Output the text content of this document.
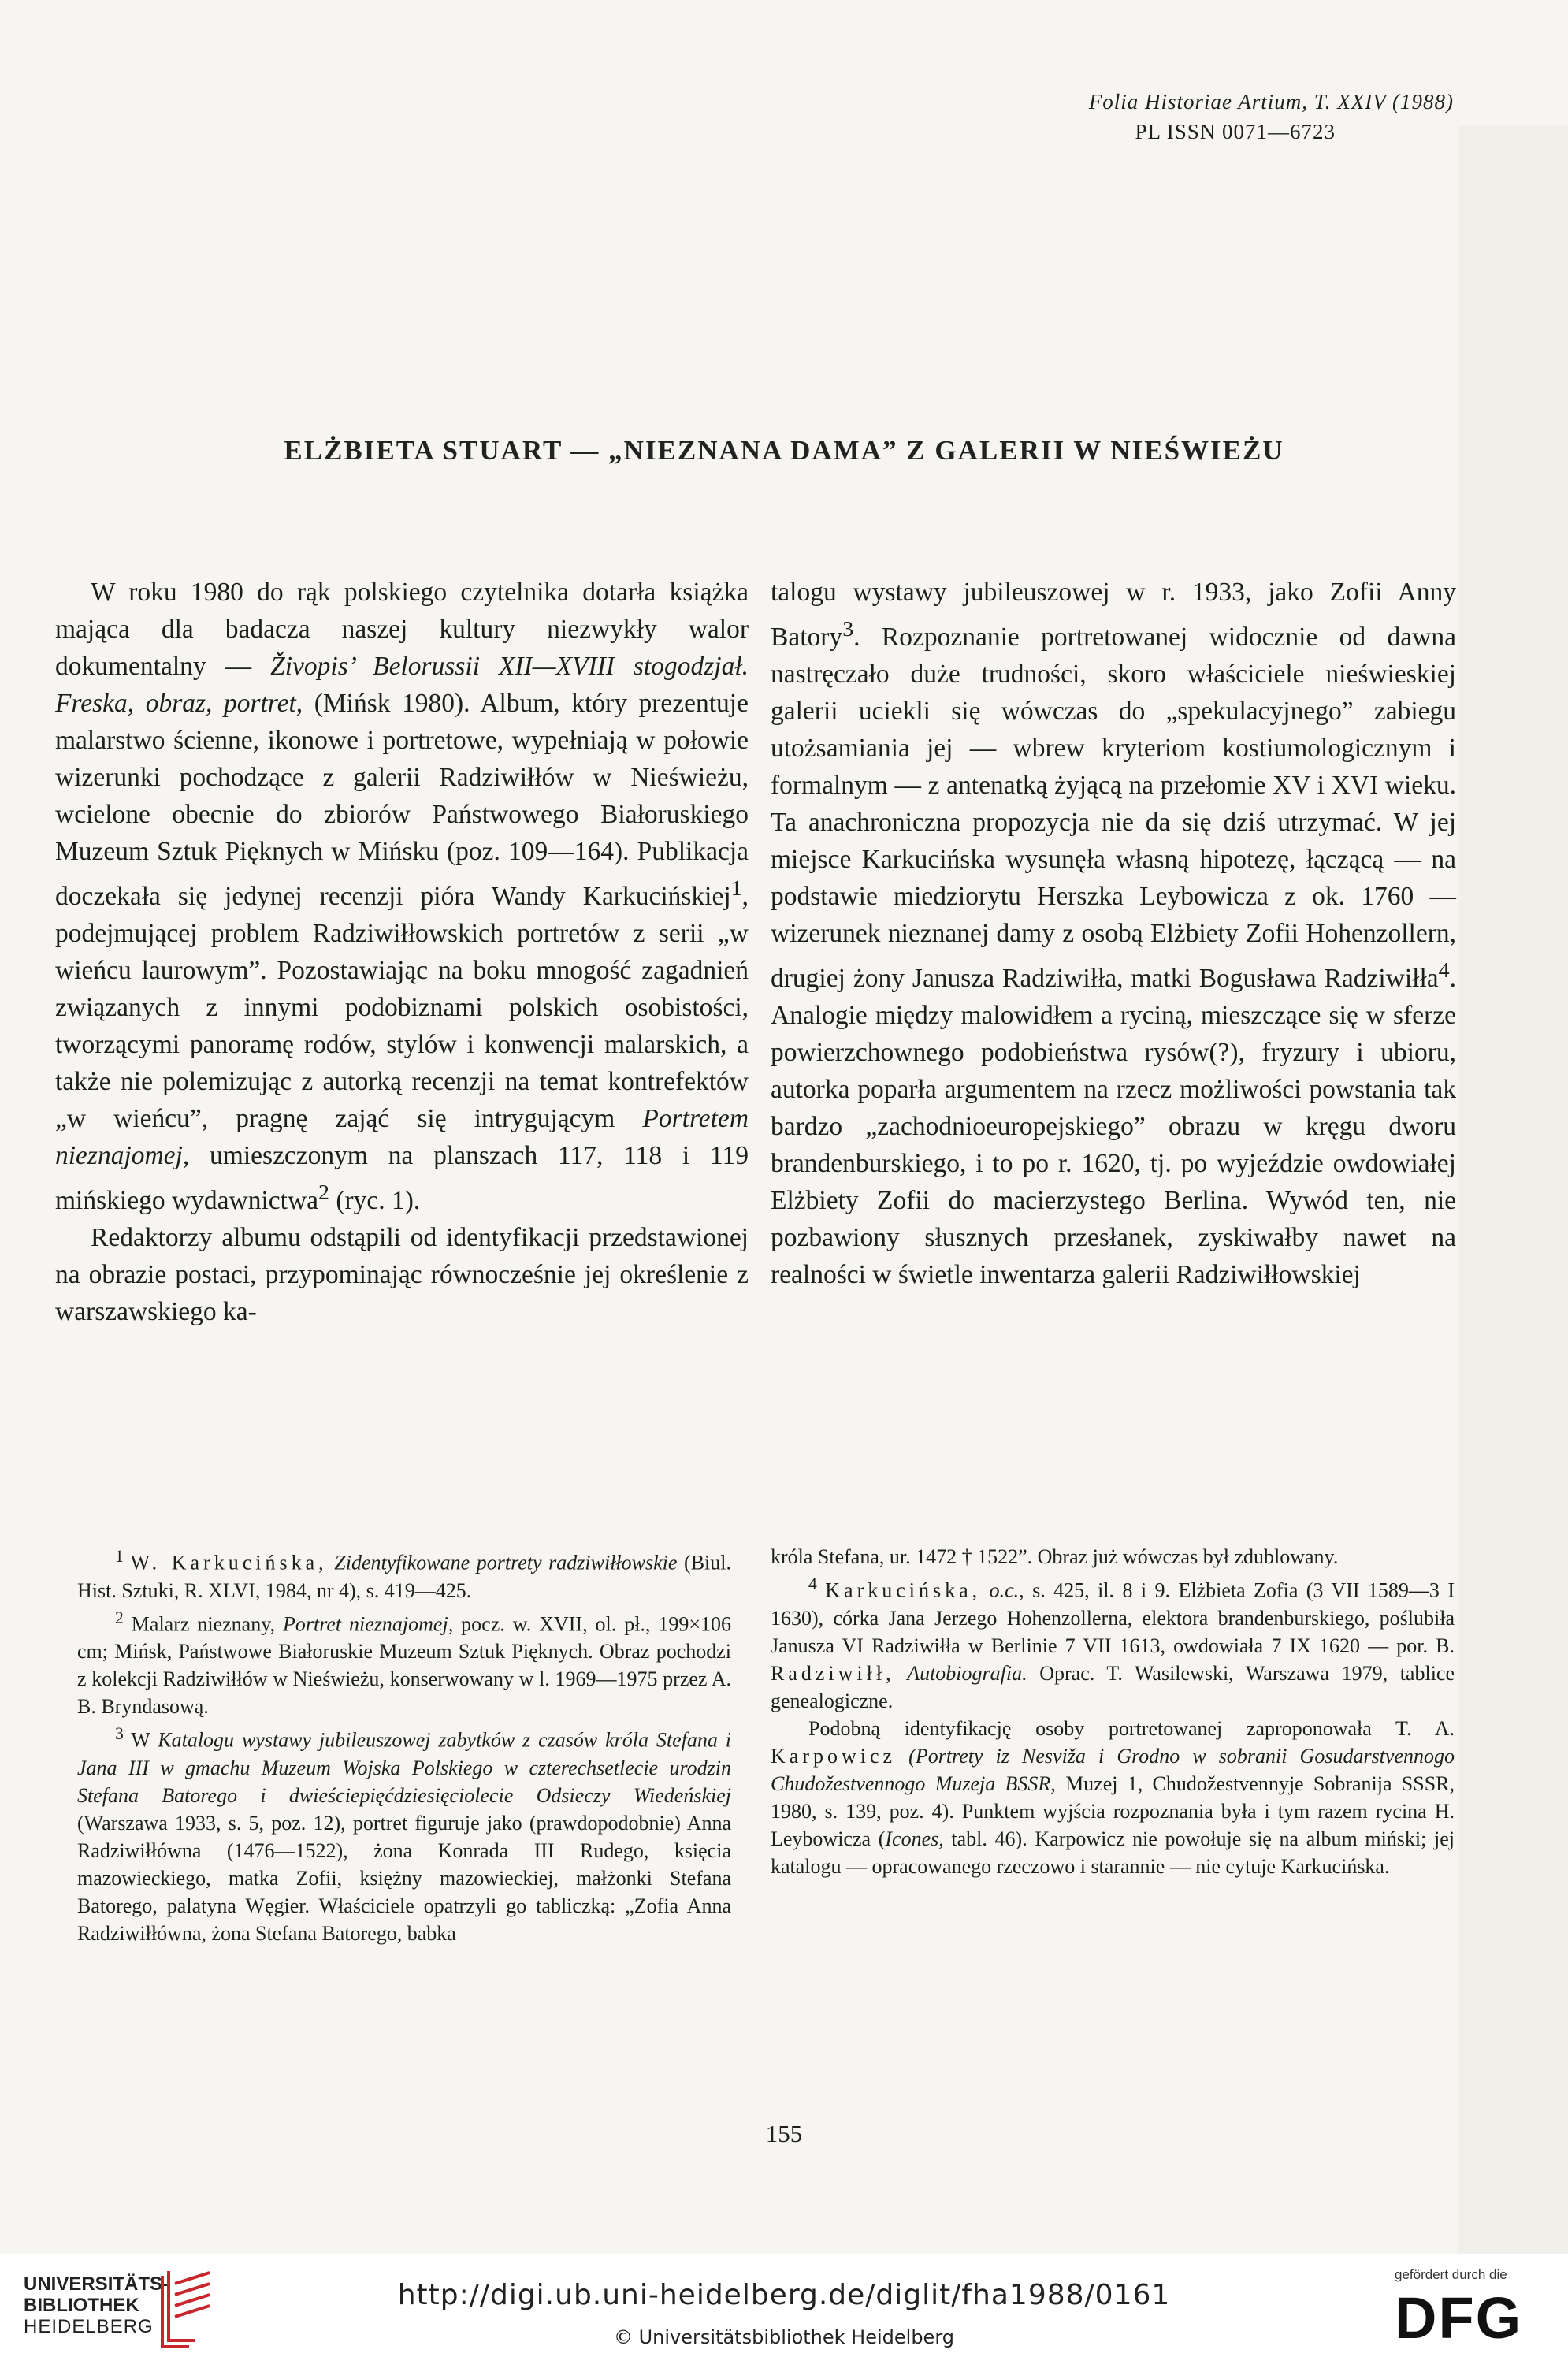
Folia Historiae Artium, T. XXIV (1988)
PL ISSN 0071—6723
ELŻBIETA STUART — „NIEZNANA DAMA” Z GALERII W NIEŚWIEŻU

W roku 1980 do rąk polskiego czytelnika dotarła książka mająca dla badacza naszej kultury niezwykły walor dokumentalny — Živopis’ Belorussii XII—XVIII stogodzjał. Freska, obraz, portret, (Mińsk 1980). Album, który prezentuje malarstwo ścienne, ikonowe i portretowe, wypełniają w połowie wizerunki pochodzące z galerii Radziwiłłów w Nieświeżu, wcielone obecnie do zbiorów Państwowego Białoruskiego Muzeum Sztuk Pięknych w Mińsku (poz. 109—164). Publikacja doczekała się jedynej recenzji pióra Wandy Karkucińskiej$^1$, podejmującej problem Radziwiłłowskich portretów z serii „w wieńcu laurowym”. Pozostawiając na boku mnogość zagadnień związanych z innymi podobiznami polskich osobistości, tworzącymi panoramę rodów, stylów i konwencji malarskich, a także nie polemizując z autorką recenzji na temat kontrefektów „w wieńcu”, pragnę zająć się intrygującym Portretem nieznajomej, umieszczonym na planszach 117, 118 i 119 mińskiego wydawnictwa$^2$ (ryc. 1).

Redaktorzy albumu odstąpili od identyfikacji przedstawionej na obrazie postaci, przypominając równocześnie jej określenie z warszawskiego ka-

talogu wystawy jubileuszowej w r. 1933, jako Zofii Anny Batory$^3$. Rozpoznanie portretowanej widocznie od dawna nastręczało duże trudności, skoro właściciele nieświeskiej galerii uciekli się wówczas do „spekulacyjnego” zabiegu utożsamiania jej — wbrew kryteriom kostiumologicznym i formalnym — z antenatką żyjącą na przełomie XV i XVI wieku. Ta anachroniczna propozycja nie da się dziś utrzymać. W jej miejsce Karkucińska wysunęła własną hipotezę, łączącą — na podstawie miedziorytu Herszka Leybowicza z ok. 1760 — wizerunek nieznanej damy z osobą Elżbiety Zofii Hohenzollern, drugiej żony Janusza Radziwiłła, matki Bogusława Radziwiłła$^4$. Analogie między malowidłem a ryciną, mieszczące się w sferze powierzchownego podobieństwa rysów(?), fryzury i ubioru, autorka poparła argumentem na rzecz możliwości powstania tak bardzo „zachodnioeuropejskiego” obrazu w kręgu dworu brandenburskiego, i to po r. 1620, tj. po wyjeździe owdowiałej Elżbiety Zofii do macierzystego Berlina. Wywód ten, nie pozbawiony słusznych przesłanek, zyskiwałby nawet na realności w świetle inwentarza galerii Radziwiłłowskiej

$^1$ W. Karkucińska, Zidentyfikowane portrety radziwiłłowskie (Biul. Hist. Sztuki, R. XLVI, 1984, nr 4), s. 419—425.

$^2$ Malarz nieznany, Portret nieznajomej, pocz. w. XVII, ol. pł., 199×106 cm; Mińsk, Państwowe Białoruskie Muzeum Sztuk Pięknych. Obraz pochodzi z kolekcji Radziwiłłów w Nieświeżu, konserwowany w l. 1969—1975 przez A. B. Bryndasową.

$^3$ W Katalogu wystawy jubileuszowej zabytków z czasów króla Stefana i Jana III w gmachu Muzeum Wojska Polskiego w czterechsetlecie urodzin Stefana Batorego i dwieściepięćdziesięciolecie Odsieczy Wiedeńskiej (Warszawa 1933, s. 5, poz. 12), portret figuruje jako (prawdopodobnie) Anna Radziwiłłówna (1476—1522), żona Konrada III Rudego, księcia mazowieckiego, matka Zofii, księżny mazowieckiej, małżonki Stefana Batorego, palatyna Węgier. Właściciele opatrzyli go tabliczką: „Zofia Anna Radziwiłłówna, żona Stefana Batorego, babka

króla Stefana, ur. 1472 † 1522”. Obraz już wówczas był zdublowany.

$^4$ Karkucińska, o.c., s. 425, il. 8 i 9. Elżbieta Zofia (3 VII 1589—3 I 1630), córka Jana Jerzego Hohenzollerna, elektora brandenburskiego, poślubiła Janusza VI Radziwiłła w Berlinie 7 VII 1613, owdowiała 7 IX 1620 — por. B. Radziwiłł, Autobiografia. Oprac. T. Wasilewski, Warszawa 1979, tablice genealogiczne.

Podobną identyfikację osoby portretowanej zaproponowała T. A. Karpowicz (Portrety iz Nesviža i Grodno w sobranii Gosudarstvennogo Chudožestvennogo Muzeja BSSR, Muzej 1, Chudožestvennyje Sobranija SSSR, 1980, s. 139, poz. 4). Punktem wyjścia rozpoznania była i tym razem rycina H. Leybowicza (Icones, tabl. 46). Karpowicz nie powołuje się na album miński; jej katalogu — opracowanego rzeczowo i starannie — nie cytuje Karkucińska.

155
UNIVERSITÄTS-
BIBLIOTHEK
HEIDELBERG
http://digi.ub.uni-heidelberg.de/diglit/fha1988/0161
© Universitätsbibliothek Heidelberg
gefördert durch die
DFG
